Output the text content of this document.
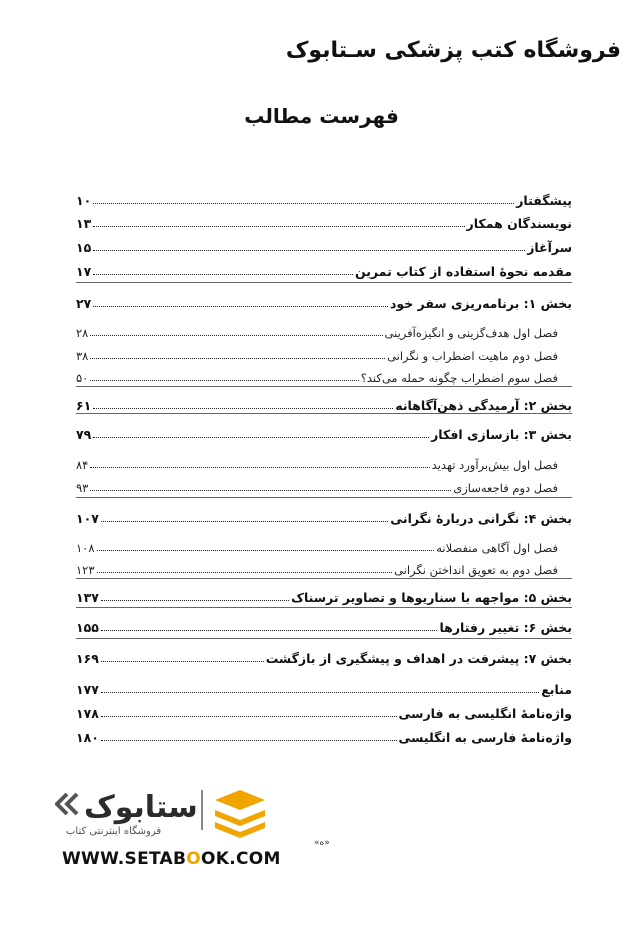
فروشگاه کتب پزشکی سـتابوک
فهرست مطالب
پیشگفتار
۱۰
نویسندگان همکار
۱۳
سرآغاز
۱۵
مقدمه نحوهٔ استفاده از کتاب تمرین
۱۷
بخش ۱: برنامه‌ریزی سفر خود
۲۷
فصل اول هدف‌گزینی و انگیزه‌آفرینی
۲۸
فصل دوم ماهیت اضطراب و نگرانی
۳۸
فصل سوم اضطراب چگونه حمله می‌کند؟
۵۰
بخش ۲: آرمیدگی ذهن‌آگاهانه
۶۱
بخش ۳: بازسازی افکار
۷۹
فصل اول بیش‌برآورد تهدید
۸۴
فصل دوم فاجعه‌سازی
۹۳
بخش ۴: نگرانی دربارهٔ نگرانی
۱۰۷
فصل اول آگاهی منفصلانه
۱۰۸
فصل دوم به تعویق انداختن نگرانی
۱۲۳
بخش ۵: مواجهه با سناریوها و تصاویر ترسناک
۱۳۷
بخش ۶: تغییر رفتارها
۱۵۵
بخش ۷: پیشرفت در اهداف و پیشگیری از بازگشت
۱۶۹
منابع
۱۷۷
واژه‌نامهٔ انگلیسی به فارسی
۱۷۸
واژه‌نامهٔ فارسی به انگلیسی
۱۸۰
ستابوک
فروشگاه اینترنتی کتاب
WWW.SETABOOK.COM
«ه»
